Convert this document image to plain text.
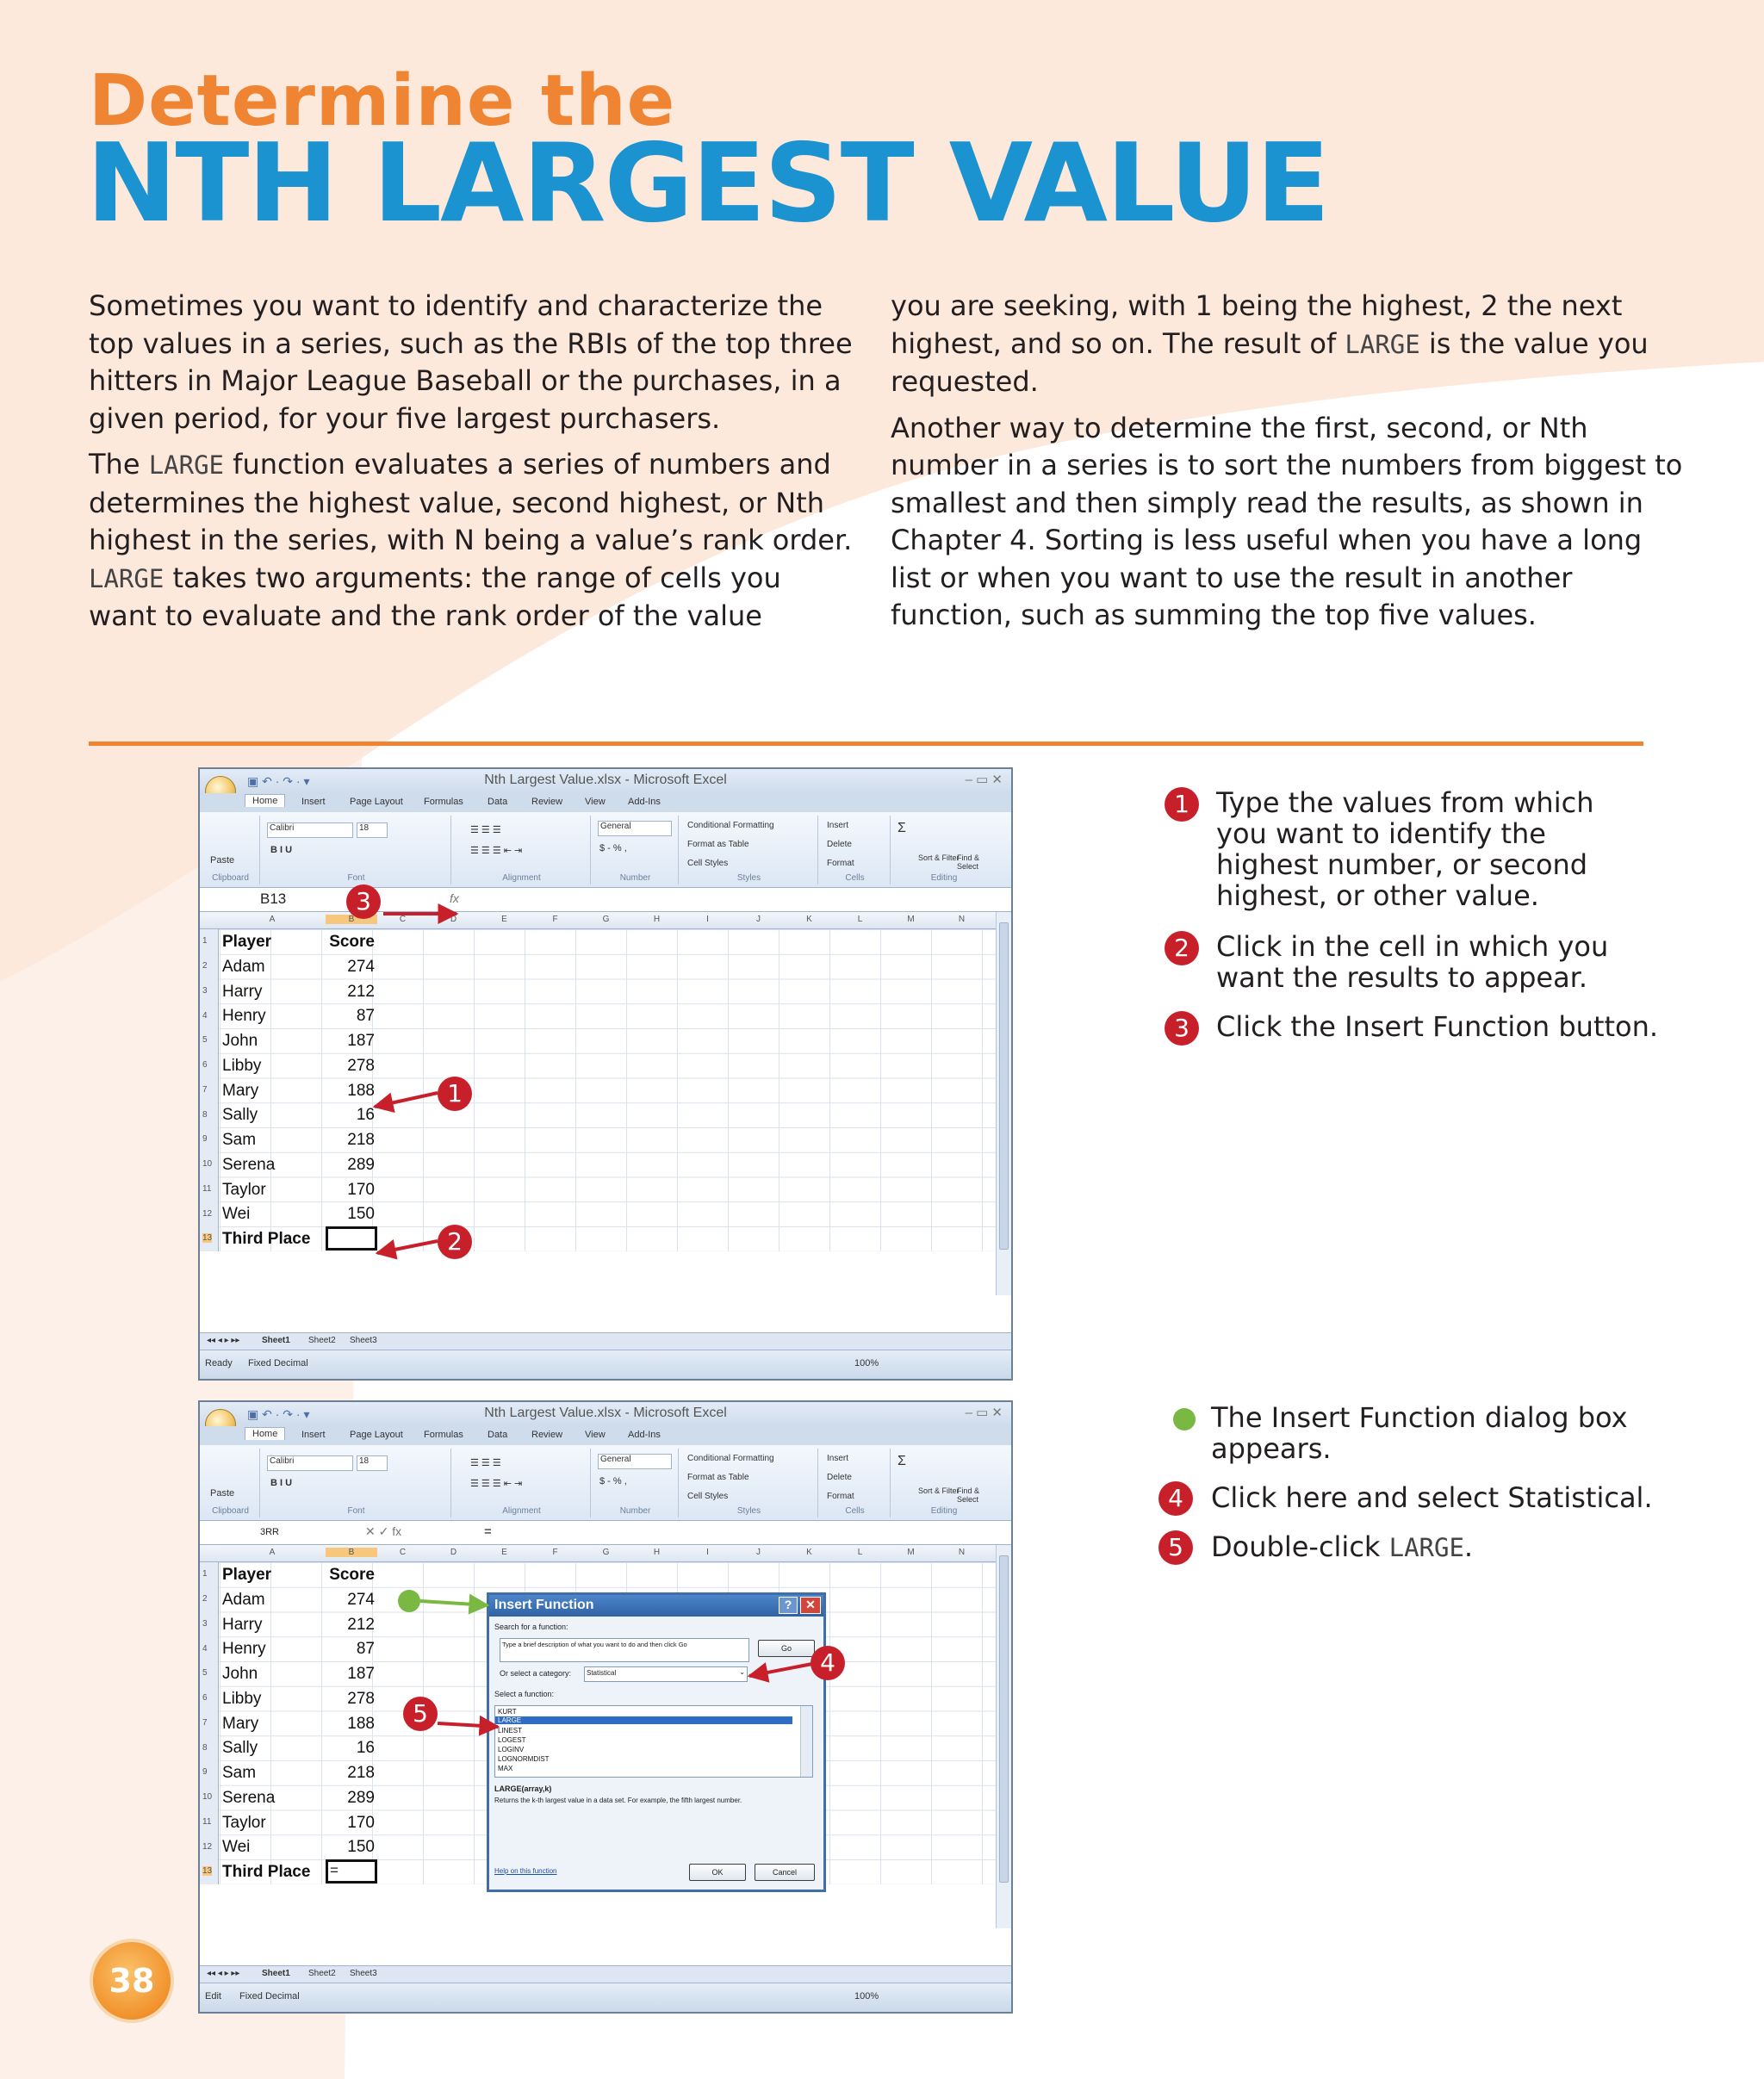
Determine the
NTH LARGEST VALUE

Sometimes you want to identify and characterize the top values in a series, such as the RBIs of the top three hitters in Major League Baseball or the purchases, in a given period, for your five largest purchasers.

The LARGE function evaluates a series of numbers and determines the highest value, second highest, or Nth highest in the series, with N being a value’s rank order. LARGE takes two arguments: the range of cells you want to evaluate and the rank order of the value

you are seeking, with 1 being the highest, 2 the next highest, and so on. The result of LARGE is the value you requested.

Another way to determine the first, second, or Nth number in a series is to sort the numbers from biggest to smallest and then simply read the results, as shown in Chapter 4. Sorting is less useful when you have a long list or when you want to use the result in another function, such as summing the top five values.

Nth Largest Value.xlsx - Microsoft Excel	– ▭ ✕
▣ ↶ · ↷ · ▾
Home	Insert	Page Layout Formulas	Data	Review View Add-Ins
Paste
Clipboard
Calibri	18
B I U
Font
☰ ☰ ☰
☰ ☰ ☰ ⇤ ⇥
Alignment
General
$ - % ,
Number
Conditional Formatting
Format as Table
Cell Styles
Styles
Insert
Delete
Format
Cells
Σ
Sort & Filter
Find & Select
Editing
B13	fx
A	B	C	D	E	F	G	H	I	J	K	L	M	N
1
2
3
4
5
6
7
8
9
10
11
12
13
Player	Score
Adam	274
Harry	212
Henry	87
John	187
Libby	278
Mary	188
Sally	16
Sam	218
Serena	289
Taylor	170
Wei	150
Third Place
◂◂ ◂ ▸ ▸▸	Sheet1 Sheet2 Sheet3
Ready Fixed Decimal	100%
Nth Largest Value.xlsx - Microsoft Excel	– ▭ ✕
▣ ↶ · ↷ · ▾
Home	Insert	Page Layout Formulas	Data	Review View Add-Ins
Paste
Clipboard
Calibri	18
B I U
Font
☰ ☰ ☰
☰ ☰ ☰ ⇤ ⇥
Alignment
General
$ - % ,
Number
Conditional Formatting
Format as Table
Cell Styles
Styles
Insert
Delete
Format
Cells
Σ
Sort & Filter
Find & Select
Editing
3RR	✕ ✓ fx	=
A	B	C	D	E	F	G	H	I	J	K	L	M	N
1
2
3
4
5
6
7
8
9
10
11
12
13
Player	Score
Adam	274
Harry	212
Henry	87
John	187
Libby	278
Mary	188
Sally	16
Sam	218
Serena	289
Taylor	170
Wei	150
Third Place =
◂◂ ◂ ▸ ▸▸	Sheet1 Sheet2 Sheet3
Edit Fixed Decimal	100%
Insert Function	?	✕
Search for a function:
Type a brief description of what you want to do and then click Go	Go
Or select a category:	Statistical	⌄
Select a function:
KURT
LARGE
LINEST
LOGEST
LOGINV
LOGNORMDIST
MAX
LARGE(array,k)
Returns the k-th largest value in a data set. For example, the fifth largest number.
Help on this function	OK	Cancel
3
1
2
4
5
1 Type the values from which you want to identify the highest number, or second highest, or other value.
2 Click in the cell in which you want the results to appear.
3 Click the Insert Function button.
The Insert Function dialog box appears.
4	Click here and select Statistical.
5	Double-click LARGE.
38
